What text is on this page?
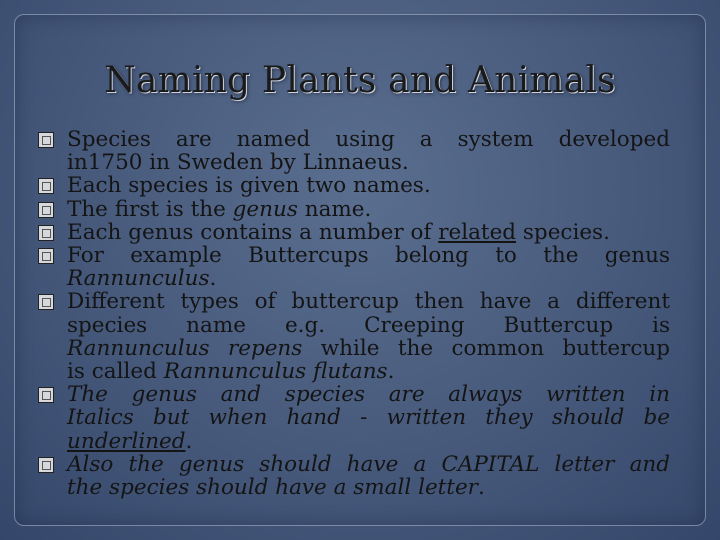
Naming Plants and Animals
Species are named using a system developed
in1750 in Sweden by Linnaeus.
Each species is given two names.
The first is the genus name.
Each genus contains a number of related species.
For example Buttercups belong to the genus
Rannunculus.
Different types of buttercup then have a different
species name e.g. Creeping Buttercup is
Rannunculus repens while the common buttercup
is called Rannunculus flutans.
The genus and species are always written in
Italics but when hand - written they should be
underlined.
Also the genus should have a CAPITAL letter and
the species should have a small letter.
